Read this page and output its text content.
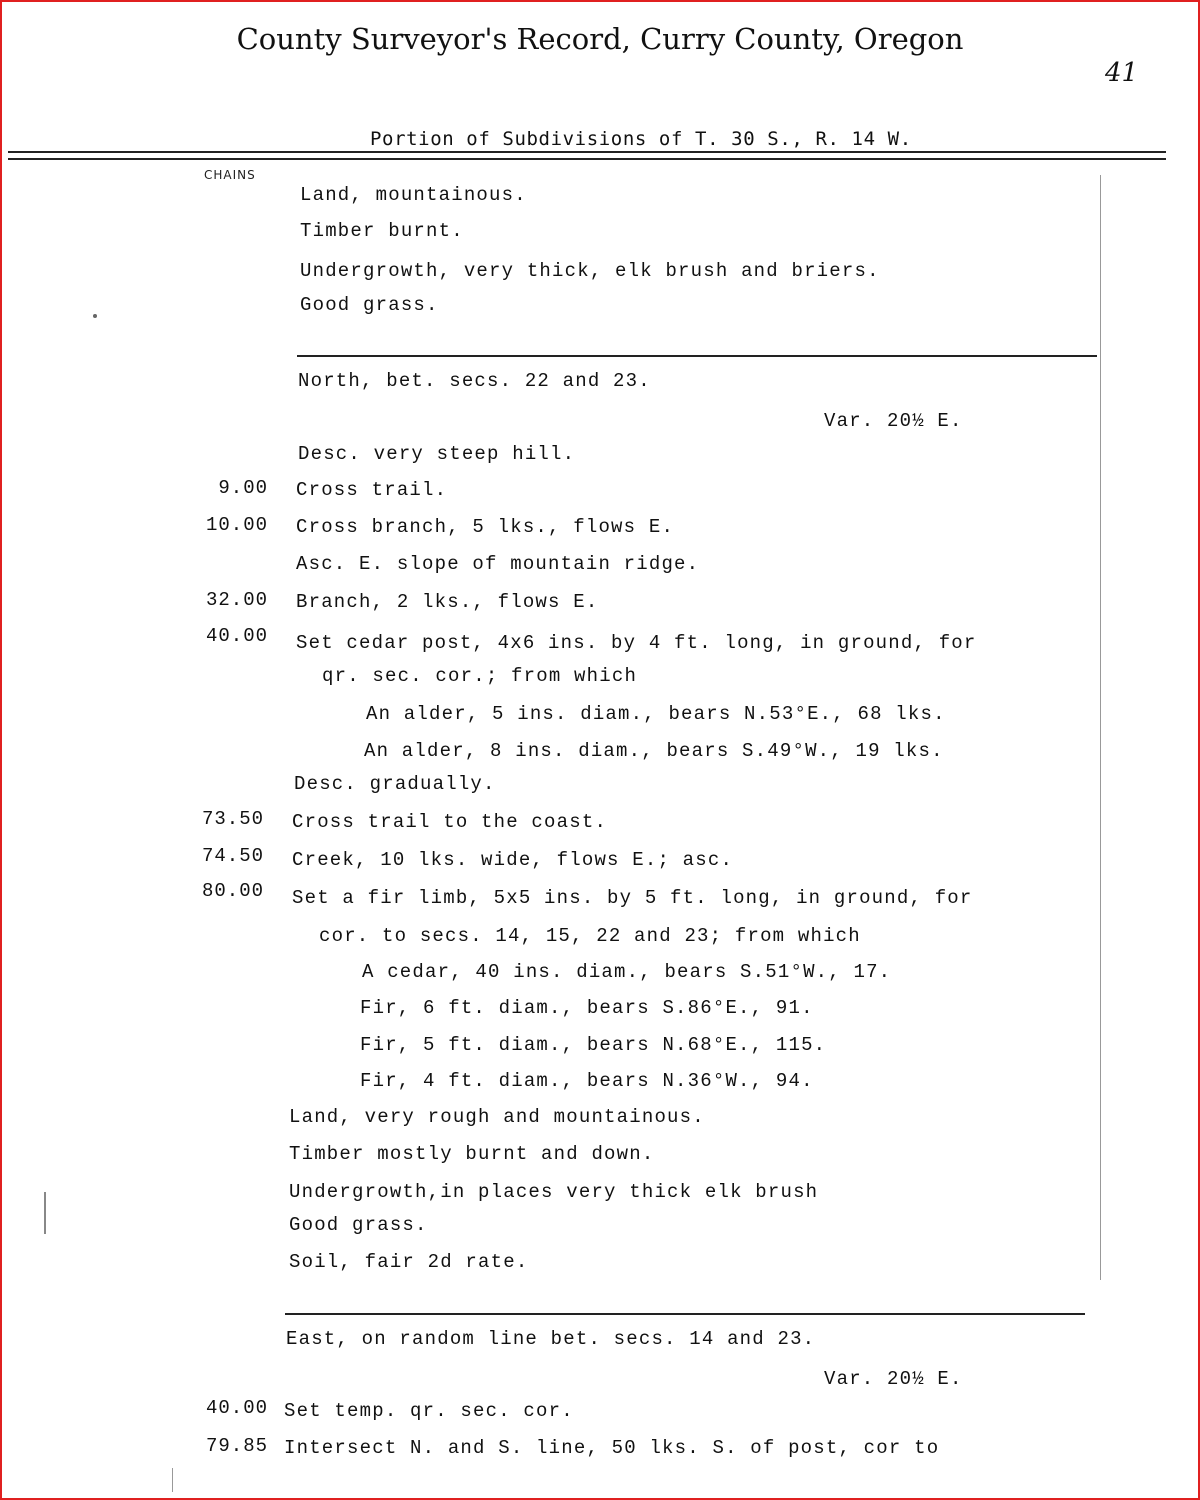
County Surveyor's Record, Curry County, Oregon
41
Portion of Subdivisions of T. 30 S., R. 14 W.
CHAINS
Land, mountainous.
Timber burnt.
Undergrowth, very thick, elk brush and briers.
Good grass.
North, bet. secs. 22 and 23.
Var. 20½ E.
Desc. very steep hill.
9.00 Cross trail.
10.00 Cross branch, 5 lks., flows E.
Asc. E. slope of mountain ridge.
32.00 Branch, 2 lks., flows E.
40.00 Set cedar post, 4x6 ins. by 4 ft. long, in ground, for
qr. sec. cor.; from which
An alder, 5 ins. diam., bears N.53°E., 68 lks.
An alder, 8 ins. diam., bears S.49°W., 19 lks.
Desc. gradually.
73.50 Cross trail to the coast.
74.50 Creek, 10 lks. wide, flows E.; asc.
80.00 Set a fir limb, 5x5 ins. by 5 ft. long, in ground, for
cor. to secs. 14, 15, 22 and 23; from which
A cedar, 40 ins. diam., bears S.51°W., 17.
Fir, 6 ft. diam., bears S.86°E., 91.
Fir, 5 ft. diam., bears N.68°E., 115.
Fir, 4 ft. diam., bears N.36°W., 94.
Land, very rough and mountainous.
Timber mostly burnt and down.
Undergrowth,in places very thick elk brush
Good grass.
Soil, fair 2d rate.
East, on random line bet. secs. 14 and 23.
Var. 20½ E.
40.00 Set temp. qr. sec. cor.
79.85 Intersect N. and S. line, 50 lks. S. of post, cor to
